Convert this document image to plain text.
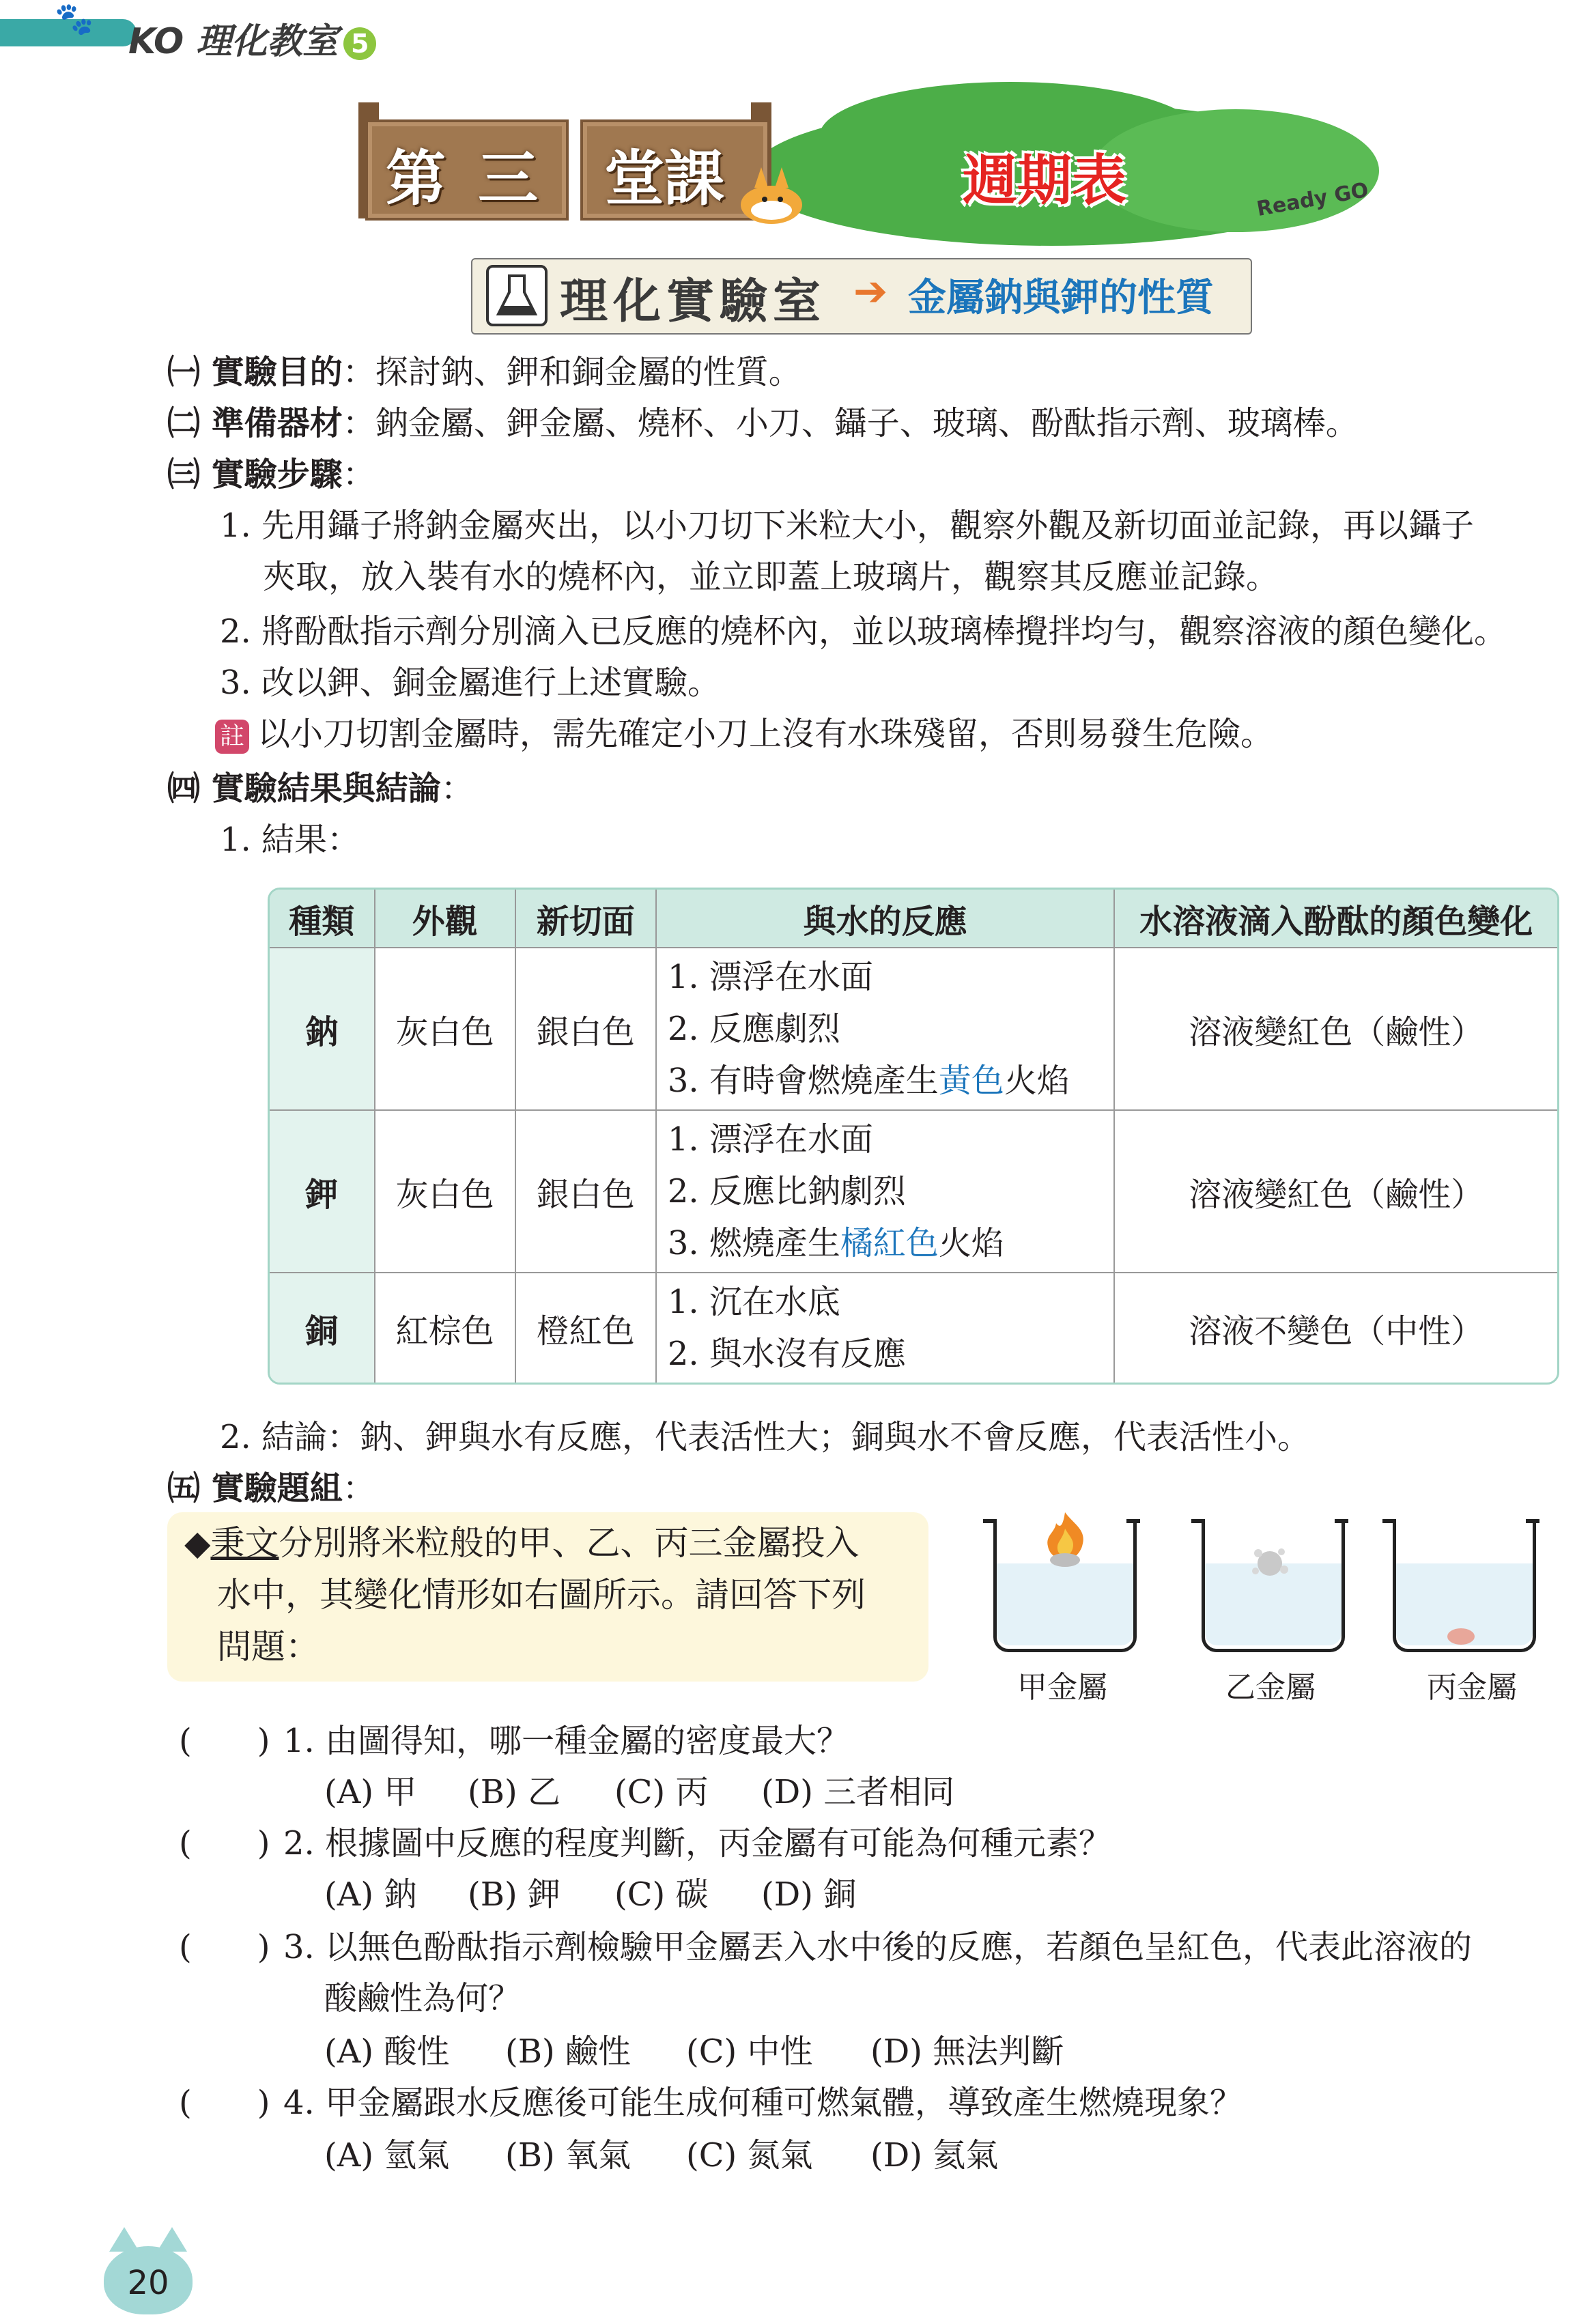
🐾
KO 理化教室 5
第 三 堂課	週期表	Ready GO
理化實驗室 ➔ 金屬鈉與鉀的性質
㈠ 實驗目的：探討鈉、鉀和銅金屬的性質。
㈡ 準備器材：鈉金屬、鉀金屬、燒杯、小刀、鑷子、玻璃、酚酞指示劑、玻璃棒。
㈢ 實驗步驟：
1. 先用鑷子將鈉金屬夾出，以小刀切下米粒大小，觀察外觀及新切面並記錄，再以鑷子
夾取，放入裝有水的燒杯內，並立即蓋上玻璃片，觀察其反應並記錄。
2. 將酚酞指示劑分別滴入已反應的燒杯內，並以玻璃棒攪拌均勻，觀察溶液的顏色變化。
3. 改以鉀、銅金屬進行上述實驗。
註 以小刀切割金屬時，需先確定小刀上沒有水珠殘留，否則易發生危險。
㈣ 實驗結果與結論：
1. 結果：
種類	外觀	新切面	與水的反應	水溶液滴入酚酞的顏色變化
鈉	灰白色	銀白色	1. 漂浮在水面
2. 反應劇烈
3. 有時會燃燒產生黃色火焰	溶液變紅色（鹼性）
鉀	灰白色	銀白色	1. 漂浮在水面
2. 反應比鈉劇烈
3. 燃燒產生橘紅色火焰	溶液變紅色（鹼性）
銅	紅棕色	橙紅色	1. 沉在水底
2. 與水沒有反應	溶液不變色（中性）
2. 結論：鈉、鉀與水有反應，代表活性大；銅與水不會反應，代表活性小。
㈤ 實驗題組：
◆秉文分別將米粒般的甲、乙、丙三金屬投入
水中，其變化情形如右圖所示。請回答下列
問題：
甲金屬	乙金屬	丙金屬
(　　) 1. 由圖得知，哪一種金屬的密度最大？
(A) 甲 (B) 乙 (C) 丙 (D) 三者相同
(　　) 2. 根據圖中反應的程度判斷，丙金屬有可能為何種元素？
(A) 鈉 (B) 鉀 (C) 碳 (D) 銅
(　　) 3. 以無色酚酞指示劑檢驗甲金屬丟入水中後的反應，若顏色呈紅色，代表此溶液的
酸鹼性為何？
(A) 酸性 (B) 鹼性 (C) 中性 (D) 無法判斷
(　　) 4. 甲金屬跟水反應後可能生成何種可燃氣體，導致產生燃燒現象？
(A) 氫氣 (B) 氧氣 (C) 氮氣 (D) 氦氣
20
